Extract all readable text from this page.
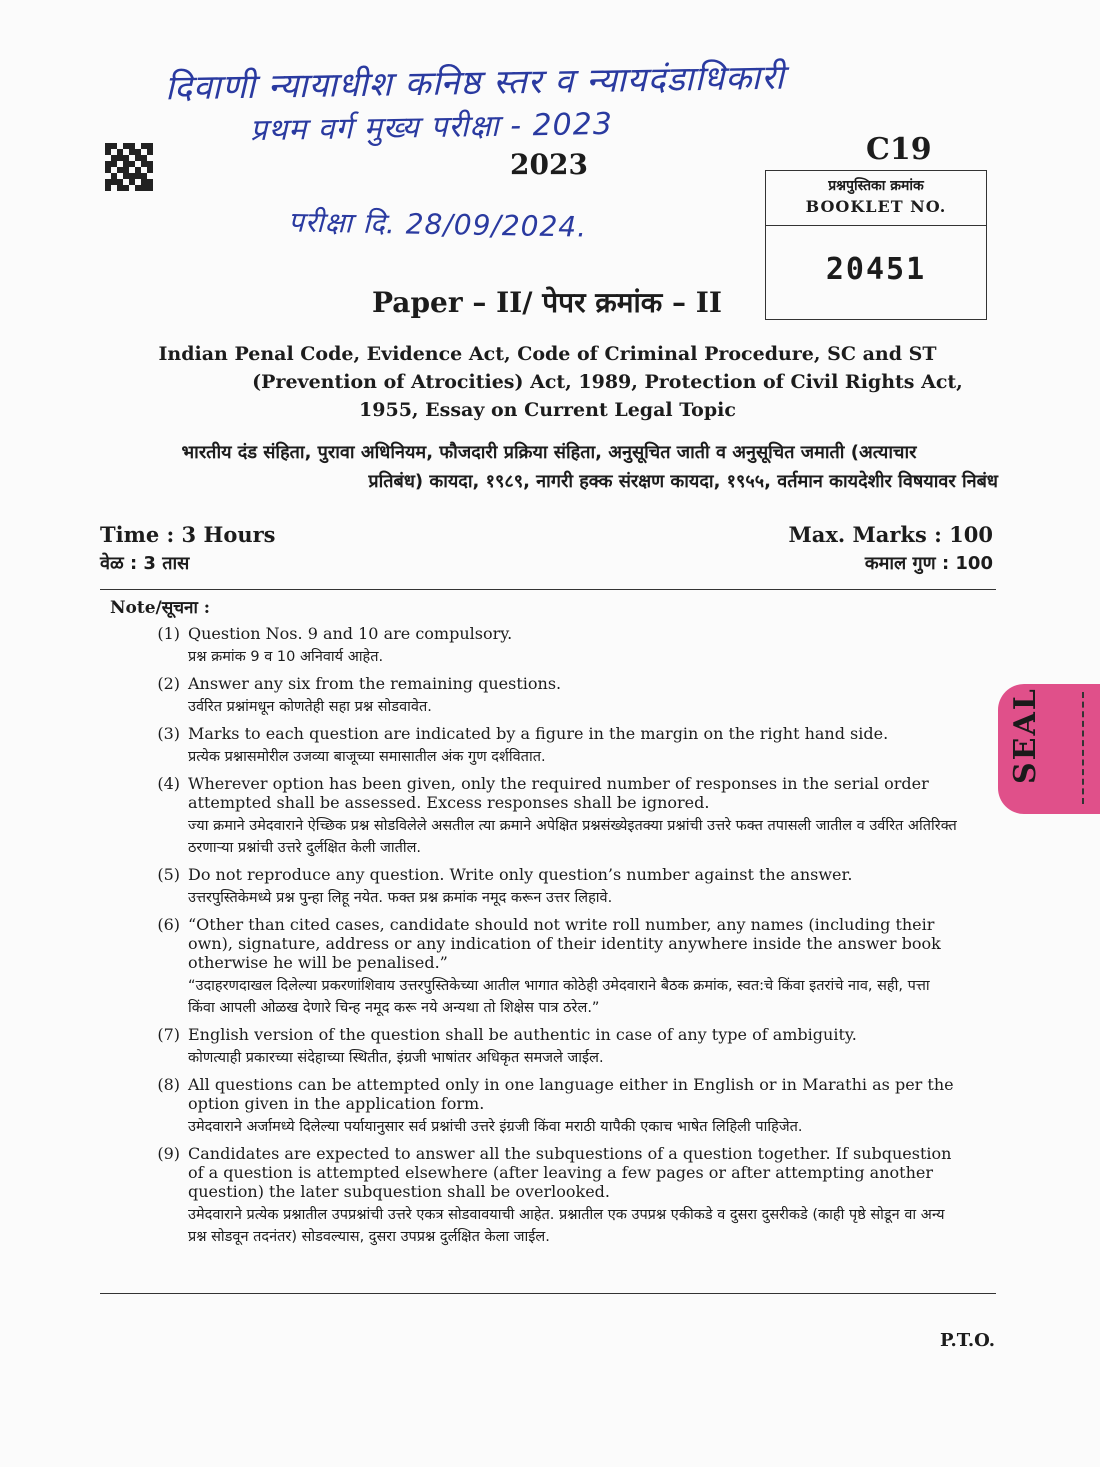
दिवाणी न्यायाधीश कनिष्ठ स्तर व न्यायदंडाधिकारी
प्रथम वर्ग मुख्य परीक्षा - 2023
परीक्षा दि. 28/09/2024.
2023	C19
प्रश्नपुस्तिका क्रमांक
BOOKLET NO.
20451
Paper – II/ पेपर क्रमांक – II
Indian Penal Code, Evidence Act, Code of Criminal Procedure, SC and ST
(Prevention of Atrocities) Act, 1989, Protection of Civil Rights Act,
1955, Essay on Current Legal Topic
भारतीय दंड संहिता, पुरावा अधिनियम, फौजदारी प्रक्रिया संहिता, अनुसूचित जाती व अनुसूचित जमाती (अत्याचार
प्रतिबंध) कायदा, १९८९, नागरी हक्क संरक्षण कायदा, १९५५, वर्तमान कायदेशीर विषयावर निबंध
Time : 3 Hours
वेळ : 3 तास
Max. Marks : 100
कमाल गुण : 100
Note/सूचना :
(1) Question Nos. 9 and 10 are compulsory.
प्रश्न क्रमांक 9 व 10 अनिवार्य आहेत.
(2) Answer any six from the remaining questions.
उर्वरित प्रश्नांमधून कोणतेही सहा प्रश्न सोडवावेत.
(3) Marks to each question are indicated by a figure in the margin on the right hand side.
प्रत्येक प्रश्नासमोरील उजव्या बाजूच्या समासातील अंक गुण दर्शवितात.
(4) Wherever option has been given, only the required number of responses in the serial order attempted shall be assessed. Excess responses shall be ignored.
ज्या क्रमाने उमेदवाराने ऐच्छिक प्रश्न सोडविलेले असतील त्या क्रमाने अपेक्षित प्रश्नसंख्येइतक्या प्रश्नांची उत्तरे फक्त तपासली जातील व उर्वरित अतिरिक्त ठरणाऱ्या प्रश्नांची उत्तरे दुर्लक्षित केली जातील.
(5) Do not reproduce any question. Write only question’s number against the answer.
उत्तरपुस्तिकेमध्ये प्रश्न पुन्हा लिहू नयेत. फक्त प्रश्न क्रमांक नमूद करून उत्तर लिहावे.
(6) “Other than cited cases, candidate should not write roll number, any names (including their own), signature, address or any indication of their identity anywhere inside the answer book otherwise he will be penalised.”
“उदाहरणदाखल दिलेल्या प्रकरणांशिवाय उत्तरपुस्तिकेच्या आतील भागात कोठेही उमेदवाराने बैठक क्रमांक, स्वत:चे किंवा इतरांचे नाव, सही, पत्ता किंवा आपली ओळख देणारे चिन्ह नमूद करू नये अन्यथा तो शिक्षेस पात्र ठरेल.”
(7) English version of the question shall be authentic in case of any type of ambiguity.
कोणत्याही प्रकारच्या संदेहाच्या स्थितीत, इंग्रजी भाषांतर अधिकृत समजले जाईल.
(8) All questions can be attempted only in one language either in English or in Marathi as per the option given in the application form.
उमेदवाराने अर्जामध्ये दिलेल्या पर्यायानुसार सर्व प्रश्नांची उत्तरे इंग्रजी किंवा मराठी यापैकी एकाच भाषेत लिहिली पाहिजेत.
(9) Candidates are expected to answer all the subquestions of a question together. If subquestion of a question is attempted elsewhere (after leaving a few pages or after attempting another question) the later subquestion shall be overlooked.
उमेदवाराने प्रत्येक प्रश्नातील उपप्रश्नांची उत्तरे एकत्र सोडवावयाची आहेत. प्रश्नातील एक उपप्रश्न एकीकडे व दुसरा दुसरीकडे (काही पृष्ठे सोडून वा अन्य प्रश्न सोडवून तदनंतर) सोडवल्यास, दुसरा उपप्रश्न दुर्लक्षित केला जाईल.
P.T.O.
SEAL
